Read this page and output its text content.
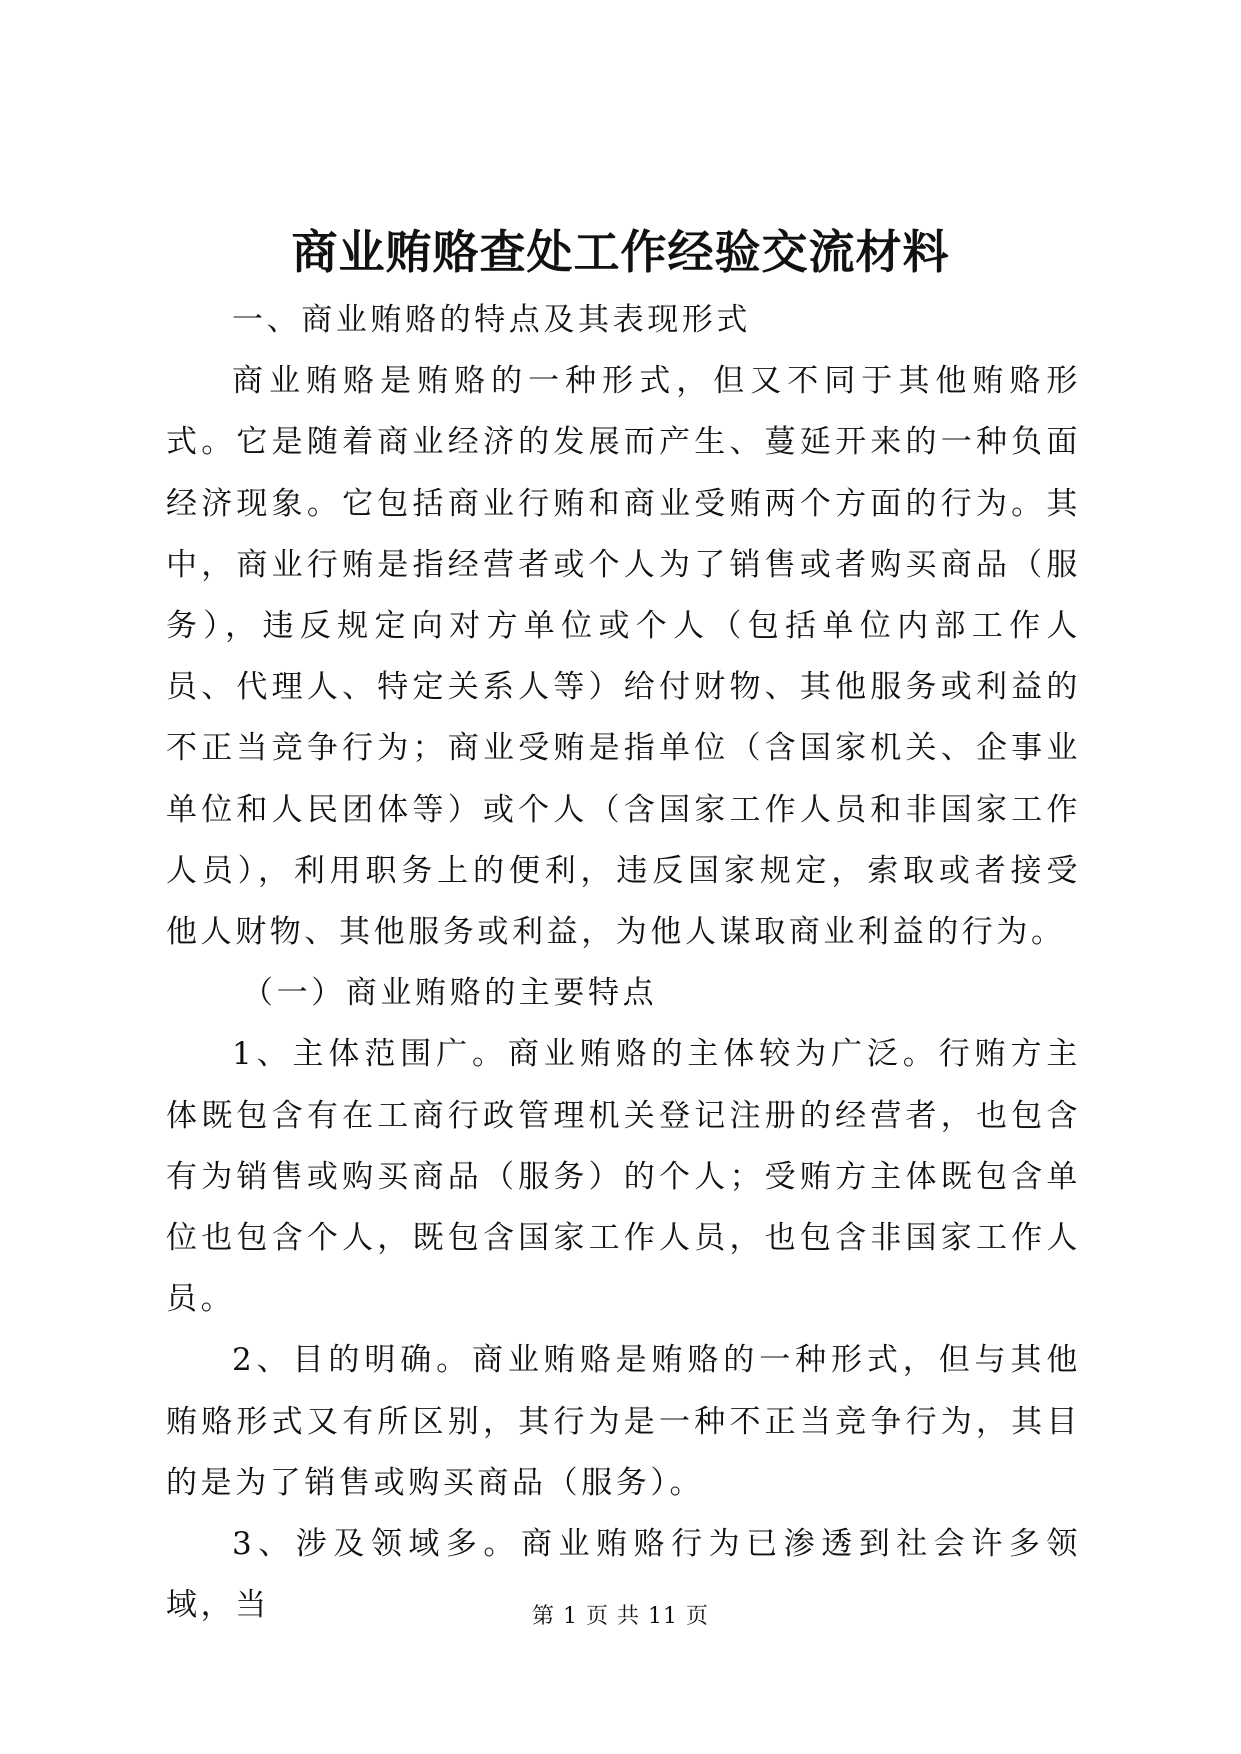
商业贿赂查处工作经验交流材料

一、商业贿赂的特点及其表现形式

商业贿赂是贿赂的一种形式，但又不同于其他贿赂形式。它是随着商业经济的发展而产生、蔓延开来的一种负面经济现象。它包括商业行贿和商业受贿两个方面的行为。其中，商业行贿是指经营者或个人为了销售或者购买商品（服务），违反规定向对方单位或个人（包括单位内部工作人员、代理人、特定关系人等）给付财物、其他服务或利益的不正当竞争行为；商业受贿是指单位（含国家机关、企事业单位和人民团体等）或个人（含国家工作人员和非国家工作人员），利用职务上的便利，违反国家规定，索取或者接受他人财物、其他服务或利益，为他人谋取商业利益的行为。

（一）商业贿赂的主要特点

1、主体范围广。商业贿赂的主体较为广泛。行贿方主体既包含有在工商行政管理机关登记注册的经营者，也包含有为销售或购买商品（服务）的个人；受贿方主体既包含单位也包含个人，既包含国家工作人员，也包含非国家工作人员。

2、目的明确。商业贿赂是贿赂的一种形式，但与其他贿赂形式又有所区别，其行为是一种不正当竞争行为，其目的是为了销售或购买商品（服务）。

3、涉及领域多。商业贿赂行为已渗透到社会许多领域，当	第 1 页 共 11 页
